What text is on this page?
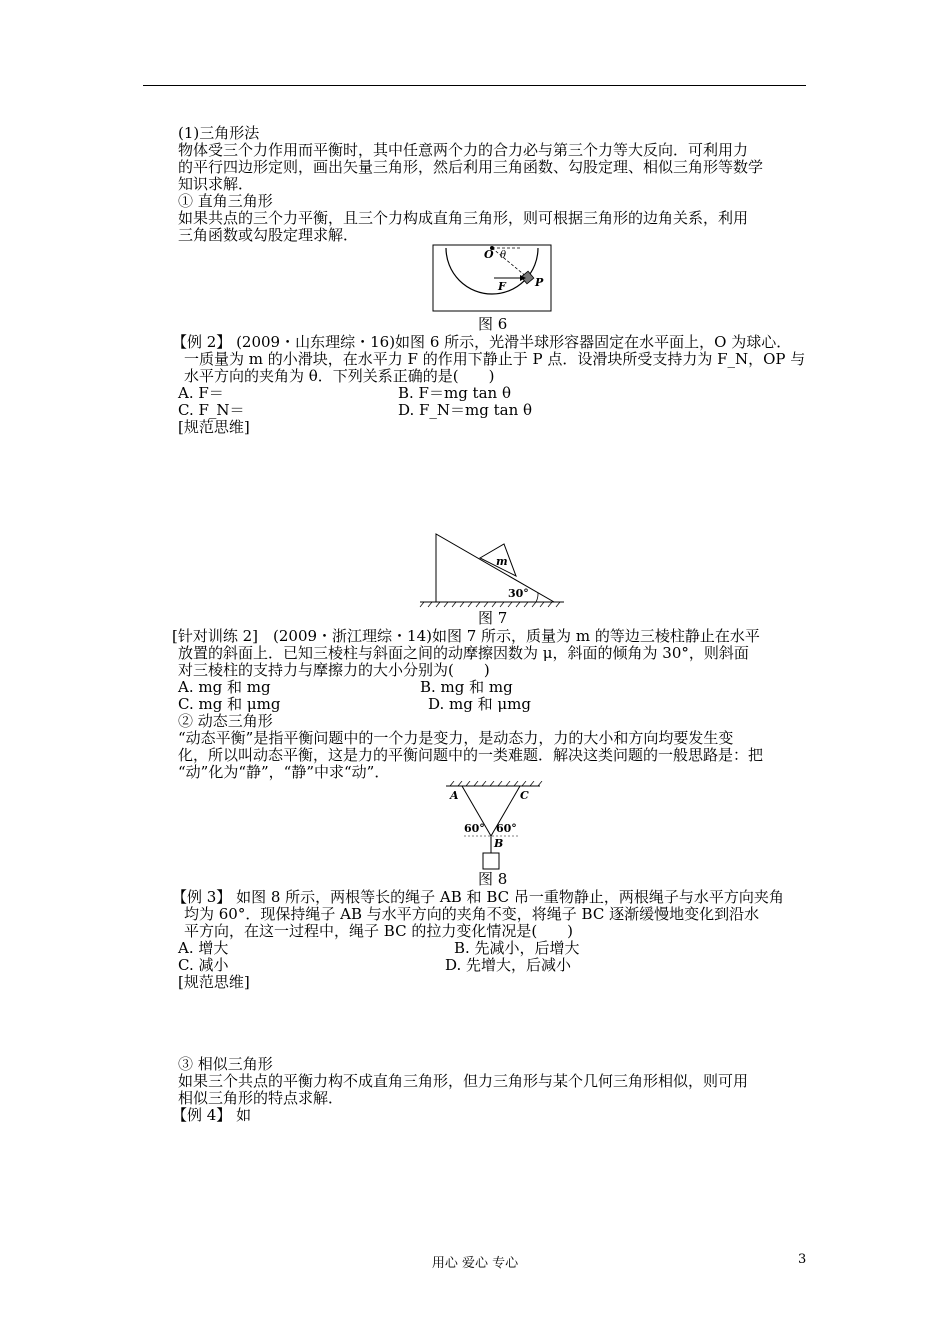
(1)三角形法
物体受三个力作用而平衡时，其中任意两个力的合力必与第三个力等大反向．可利用力
的平行四边形定则，画出矢量三角形，然后利用三角函数、勾股定理、相似三角形等数学
知识求解．
① 直角三角形
如果共点的三个力平衡，且三个力构成直角三角形，则可根据三角形的边角关系，利用
三角函数或勾股定理求解．
O θ
F	P
图 6
【例 2】 (2009・山东理综・16)如图 6 所示，光滑半球形容器固定在水平面上，O 为球心．
一质量为 m 的小滑块，在水平力 F 的作用下静止于 P 点．设滑块所受支持力为 F_N，OP 与
水平方向的夹角为 θ．下列关系正确的是(　　)
A. F＝	B. F＝mg tan θ
C. F_N＝	D. F_N＝mg tan θ
[规范思维]
m
30°
图 7
[针对训练 2]　(2009・浙江理综・14)如图 7 所示，质量为 m 的等边三棱柱静止在水平
放置的斜面上．已知三棱柱与斜面之间的动摩擦因数为 μ，斜面的倾角为 30°，则斜面
对三棱柱的支持力与摩擦力的大小分别为(　　)
A. mg 和 mg	B. mg 和 mg
C. mg 和 μmg	D. mg 和 μmg
② 动态三角形
“动态平衡”是指平衡问题中的一个力是变力，是动态力，力的大小和方向均要发生变
化，所以叫动态平衡，这是力的平衡问题中的一类难题．解决这类问题的一般思路是：把
“动”化为“静”，“静”中求“动”．
A	C
B
60° 60°
图 8
【例 3】 如图 8 所示，两根等长的绳子 AB 和 BC 吊一重物静止，两根绳子与水平方向夹角
均为 60°．现保持绳子 AB 与水平方向的夹角不变，将绳子 BC 逐渐缓慢地变化到沿水
平方向，在这一过程中，绳子 BC 的拉力变化情况是(　　)
A. 增大	B. 先减小，后增大
C. 减小	D. 先增大，后减小
[规范思维]
③ 相似三角形
如果三个共点的平衡力构不成直角三角形，但力三角形与某个几何三角形相似，则可用
相似三角形的特点求解．
【例 4】 如
用心 爱心 专心	3
